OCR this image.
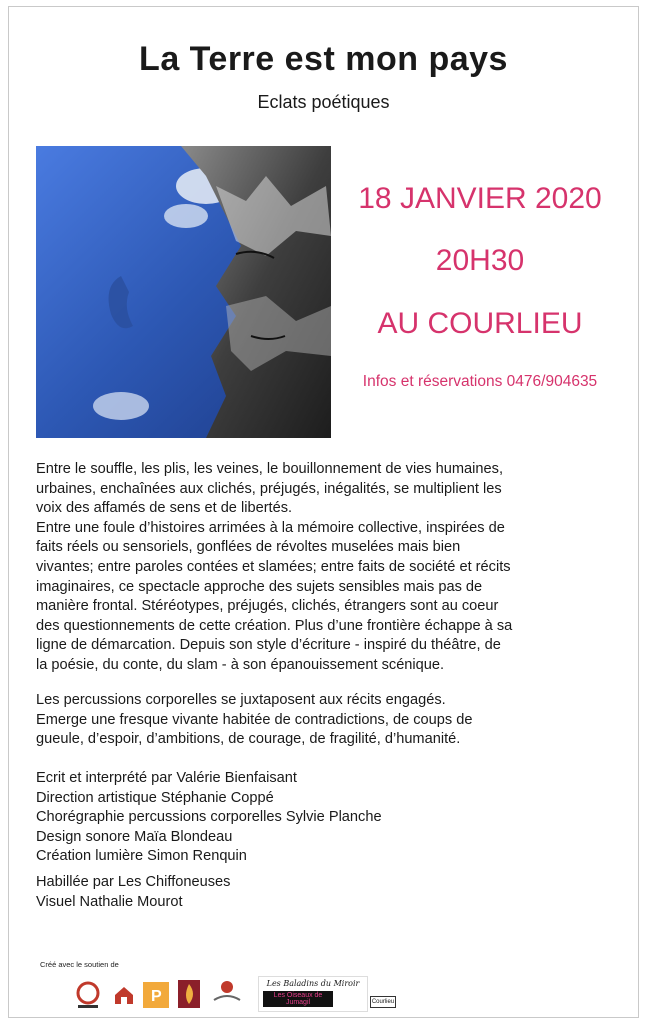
La Terre est mon pays
Eclats poétiques
18 JANVIER 2020
20H30
AU COURLIEU
Infos et réservations 0476/904635

Entre le souffle, les plis, les veines, le bouillonnement de vies humaines,

urbaines, enchaînées aux clichés, préjugés, inégalités, se multiplient les

voix des affamés de sens et de libertés.

Entre une foule d’histoires arrimées à la mémoire collective, inspirées de

faits réels ou sensoriels, gonflées de révoltes muselées mais bien

vivantes; entre paroles contées et slamées; entre faits de société et récits

imaginaires, ce spectacle approche des sujets sensibles mais pas de

manière frontal. Stéréotypes, préjugés, clichés, étrangers sont au coeur

des questionnements de cette création. Plus d’une frontière échappe à sa

ligne de démarcation. Depuis son style d’écriture - inspiré du théâtre, de

la poésie, du conte, du slam - à son épanouissement scénique.

Les percussions corporelles se juxtaposent aux récits engagés.

Emerge une fresque vivante habitée de contradictions, de coups de

gueule, d’espoir, d’ambitions, de courage, de fragilité, d’humanité.

Ecrit et interprété par Valérie Bienfaisant
Direction artistique Stéphanie Coppé
Chorégraphie percussions corporelles Sylvie Planche
Design sonore Maïa Blondeau
Création lumière Simon Renquin
Habillée par Les Chiffoneuses
Visuel Nathalie Mourot
Créé avec le soutien de
P
Les Baladins du Miroir
Les Oiseaux de Jumagil	Courlieu
